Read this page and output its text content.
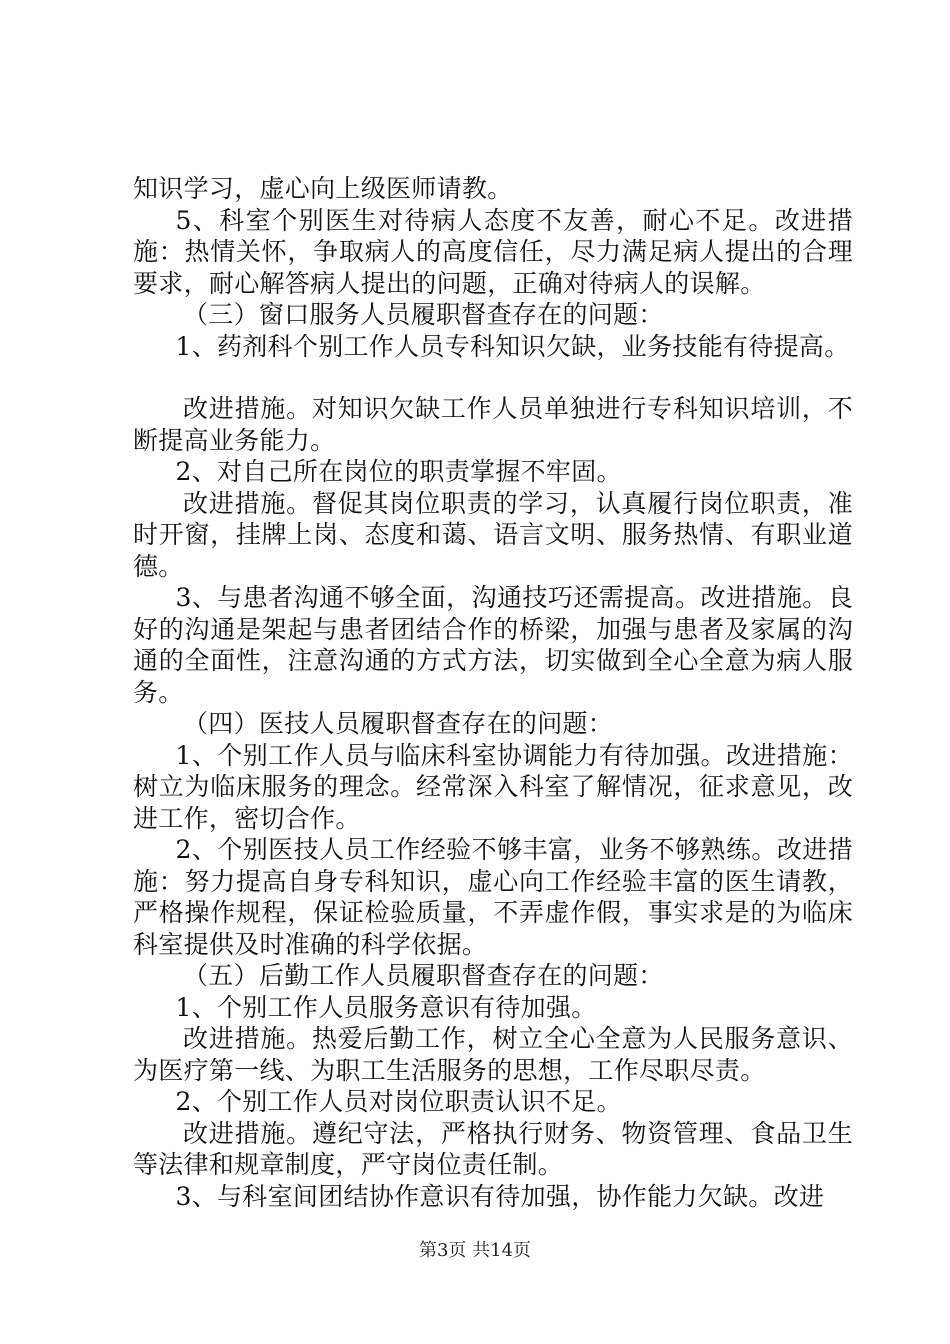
知识学习，虚心向上级医师请教。

5、科室个别医生对待病人态度不友善，耐心不足。改进措施：热情关怀，争取病人的高度信任，尽力满足病人提出的合理要求，耐心解答病人提出的问题，正确对待病人的误解。

（三）窗口服务人员履职督查存在的问题：

1、药剂科个别工作人员专科知识欠缺，业务技能有待提高。

改进措施。对知识欠缺工作人员单独进行专科知识培训，不断提高业务能力。

2、对自己所在岗位的职责掌握不牢固。

改进措施。督促其岗位职责的学习，认真履行岗位职责，准时开窗，挂牌上岗、态度和蔼、语言文明、服务热情、有职业道德。

3、与患者沟通不够全面，沟通技巧还需提高。改进措施。良好的沟通是架起与患者团结合作的桥梁，加强与患者及家属的沟通的全面性，注意沟通的方式方法，切实做到全心全意为病人服务。

（四）医技人员履职督查存在的问题：

1、个别工作人员与临床科室协调能力有待加强。改进措施：树立为临床服务的理念。经常深入科室了解情况，征求意见，改进工作，密切合作。

2、个别医技人员工作经验不够丰富，业务不够熟练。改进措施：努力提高自身专科知识，虚心向工作经验丰富的医生请教，严格操作规程，保证检验质量，不弄虚作假，事实求是的为临床科室提供及时准确的科学依据。

（五）后勤工作人员履职督查存在的问题：

1、个别工作人员服务意识有待加强。

改进措施。热爱后勤工作，树立全心全意为人民服务意识、为医疗第一线、为职工生活服务的思想，工作尽职尽责。

2、个别工作人员对岗位职责认识不足。

改进措施。遵纪守法，严格执行财务、物资管理、食品卫生等法律和规章制度，严守岗位责任制。

3、与科室间团结协作意识有待加强，协作能力欠缺。改进

第3页 共14页
